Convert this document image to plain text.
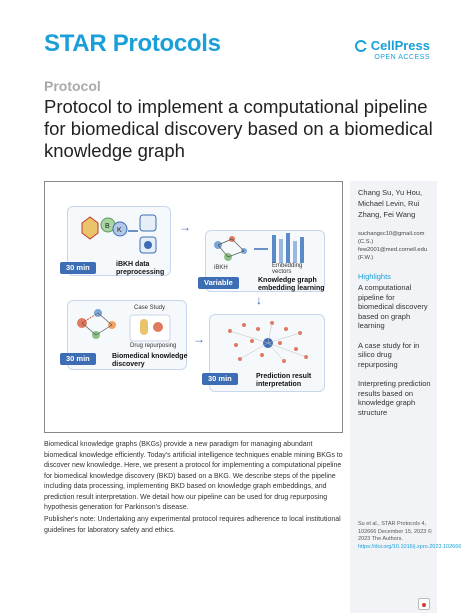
STAR Protocols	CellPress
OPEN ACCESS
Protocol
Protocol to implement a computational pipeline for biomedical discovery based on a biomedical knowledge graph
B
K
30 min	iBKH data preprocessing
→
iBKH	Embedding vectors
Variable	Knowledge graph embedding learning
→
Case Study
Drug repurposing
30 min	Biomedical knowledge discovery
→
30 min	Prediction result interpretation
Chang Su, Yu Hou, Michael Levin, Rui Zhang, Fei Wang
suchangsc10@gmail.com (C.S.) few2001@med.cornell.edu (F.W.)
Highlights
A computational pipeline for biomedical discovery based on graph learning
A case study for in silico drug repurposing
Interpreting prediction results based on knowledge graph structure
Su et al., STAR Protocols 4, 102666 December 15, 2023 © 2023 The Authors.
https://doi.org/10.1016/j.xpro.2023.102666

Biomedical knowledge graphs (BKGs) provide a new paradigm for managing abundant biomedical knowledge efficiently. Today's artificial intelligence techniques enable mining BKGs to discover new knowledge. Here, we present a protocol for implementing a computational pipeline for biomedical knowledge discovery (BKD) based on a BKG. We describe steps of the pipeline including data processing, implementing BKD based on knowledge graph embeddings, and prediction result interpretation. We detail how our pipeline can be used for drug repurposing hypothesis generation for Parkinson's disease.

Publisher's note: Undertaking any experimental protocol requires adherence to local institutional guidelines for laboratory safety and ethics.
